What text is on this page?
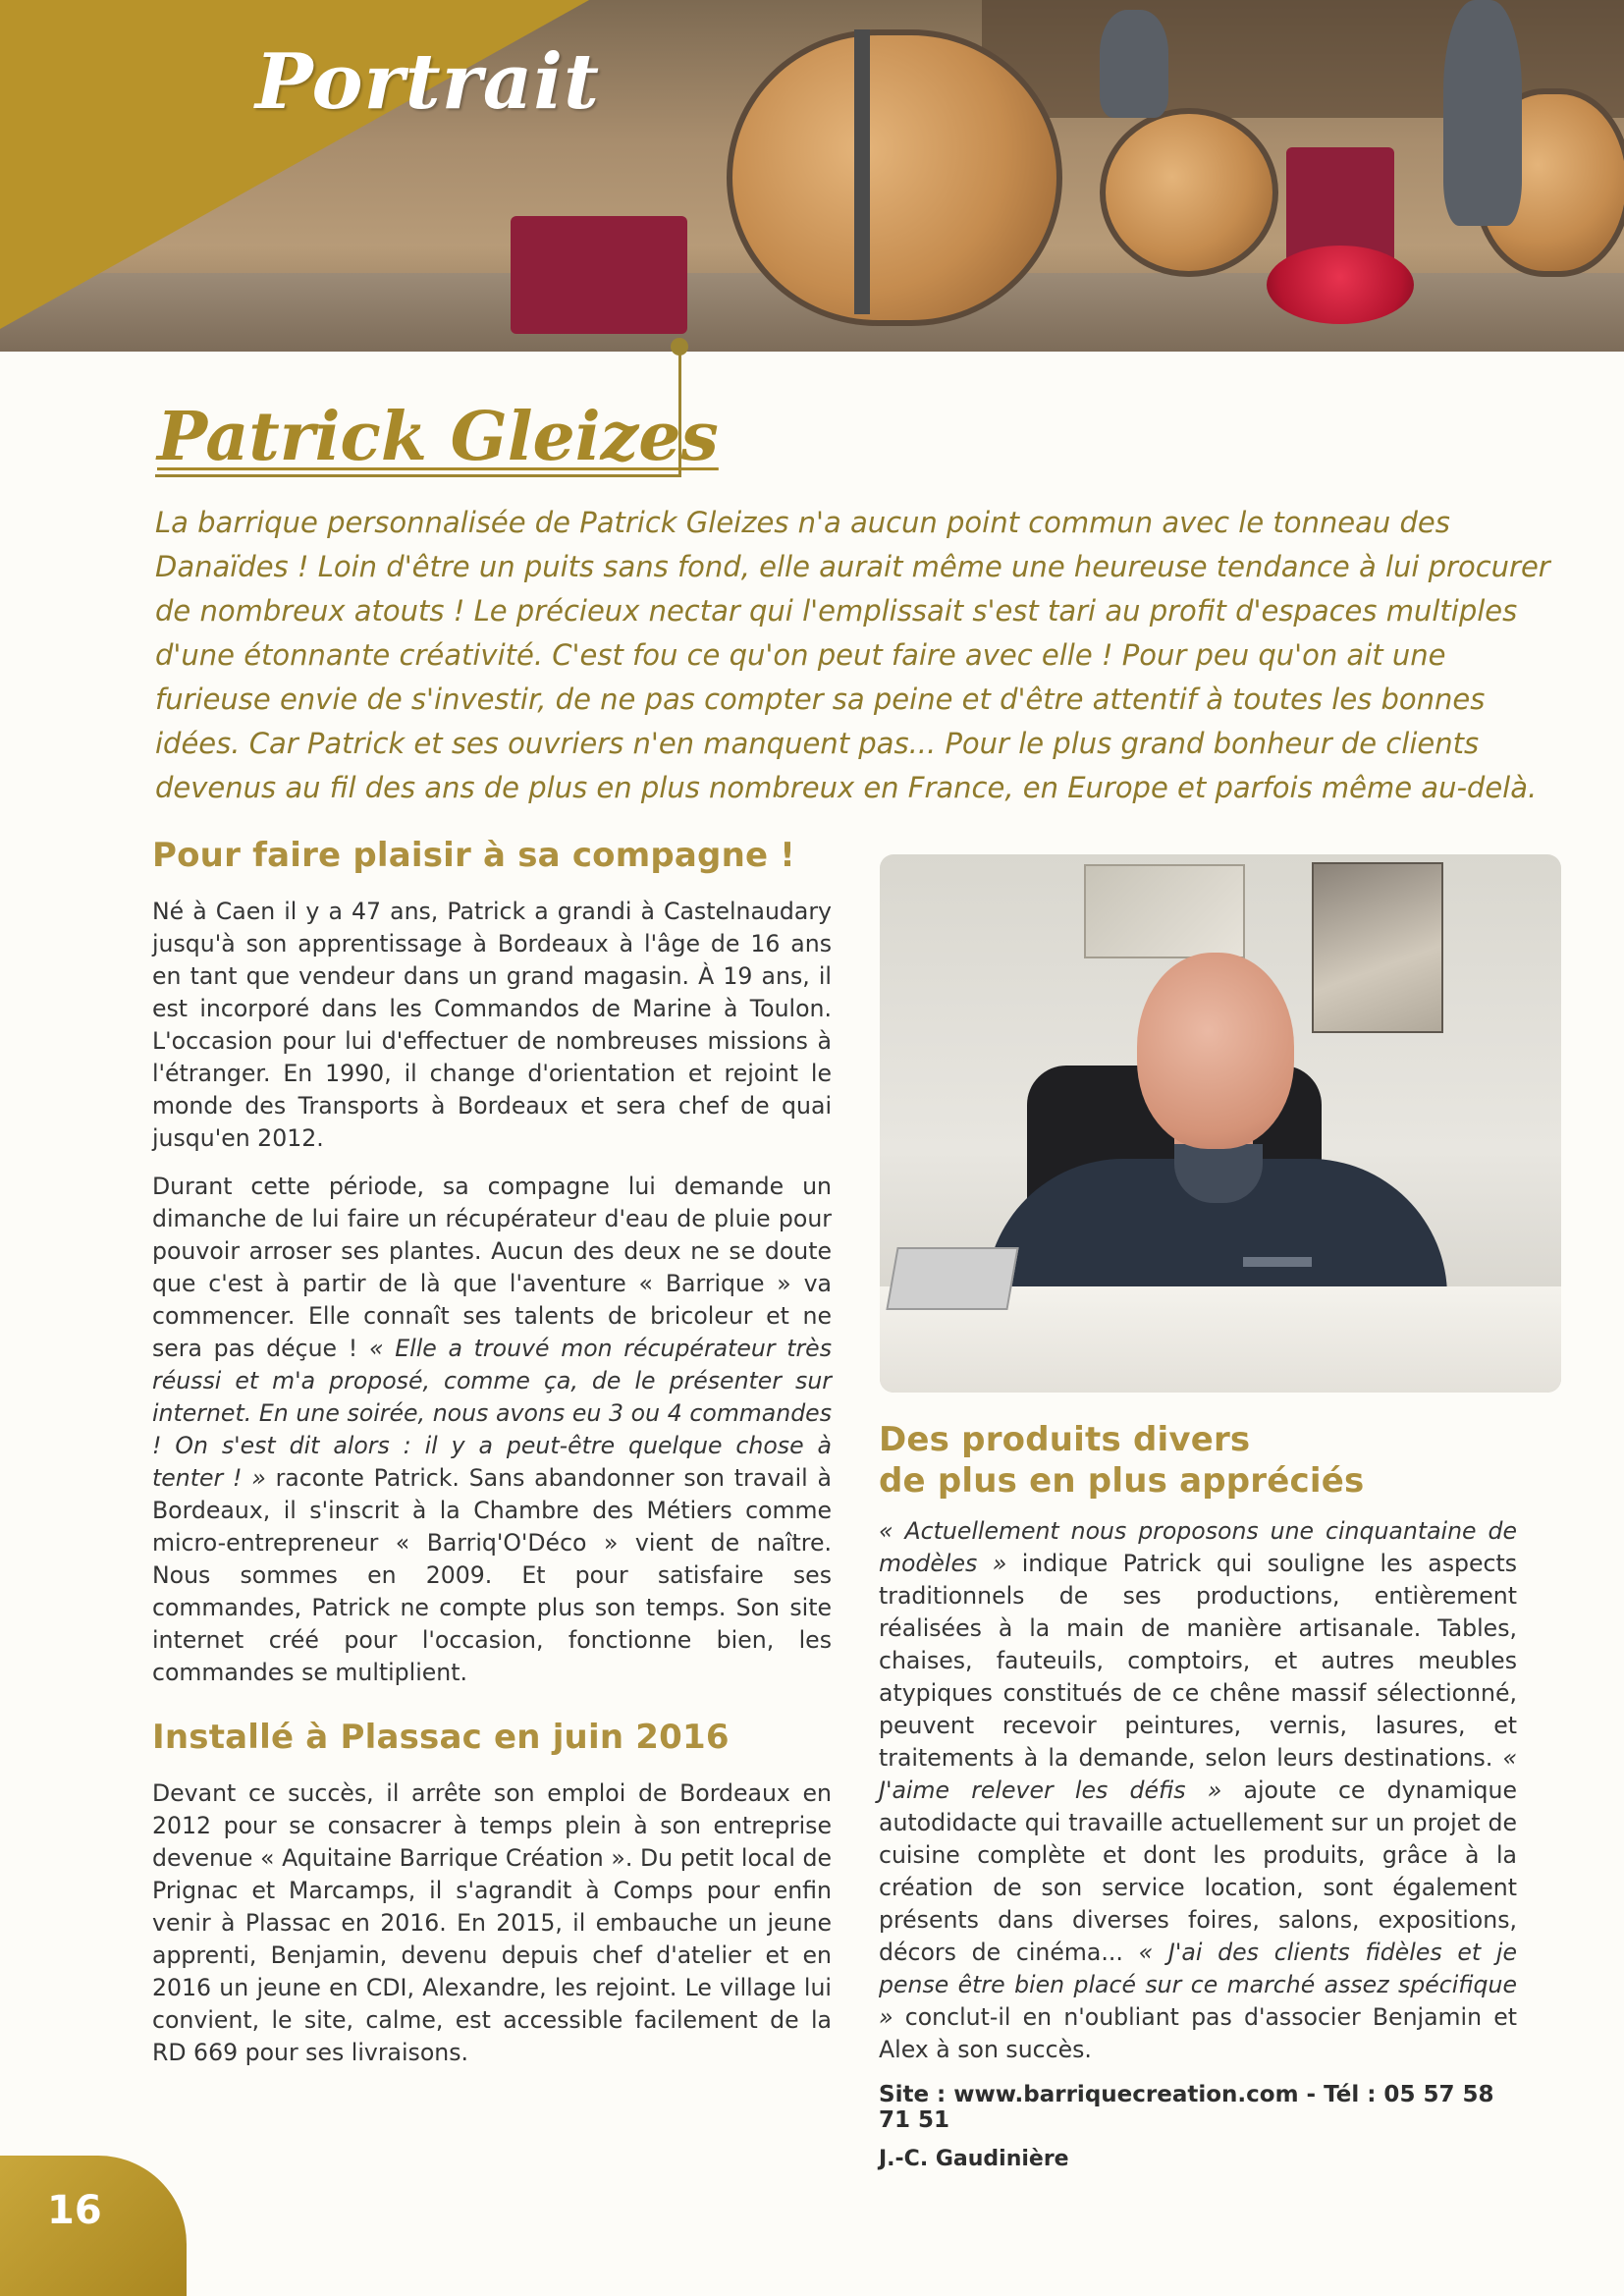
Portrait
Patrick Gleizes
La barrique personnalisée de Patrick Gleizes n'a aucun point commun avec le tonneau des Danaïdes ! Loin d'être un puits sans fond, elle aurait même une heureuse tendance à lui procurer de nombreux atouts ! Le précieux nectar qui l'emplissait s'est tari au profit d'espaces multiples d'une étonnante créativité. C'est fou ce qu'on peut faire avec elle ! Pour peu qu'on ait une furieuse envie de s'investir, de ne pas compter sa peine et d'être attentif à toutes les bonnes idées. Car Patrick et ses ouvriers n'en manquent pas... Pour le plus grand bonheur de clients devenus au fil des ans de plus en plus nombreux en France, en Europe et parfois même au-delà.
Pour faire plaisir à sa compagne !

Né à Caen il y a 47 ans, Patrick a grandi à Castelnaudary jusqu'à son apprentissage à Bordeaux à l'âge de 16 ans en tant que vendeur dans un grand magasin. À 19 ans, il est incorporé dans les Commandos de Marine à Toulon. L'occasion pour lui d'effectuer de nombreuses missions à l'étranger. En 1990, il change d'orientation et rejoint le monde des Transports à Bordeaux et sera chef de quai jusqu'en 2012.

Durant cette période, sa compagne lui demande un dimanche de lui faire un récupérateur d'eau de pluie pour pouvoir arroser ses plantes. Aucun des deux ne se doute que c'est à partir de là que l'aventure « Barrique » va commencer. Elle connaît ses talents de bricoleur et ne sera pas déçue ! « Elle a trouvé mon récupérateur très réussi et m'a proposé, comme ça, de le présenter sur internet. En une soirée, nous avons eu 3 ou 4 commandes ! On s'est dit alors : il y a peut-être quelque chose à tenter ! » raconte Patrick. Sans abandonner son travail à Bordeaux, il s'inscrit à la Chambre des Métiers comme micro-entrepreneur « Barriq'O'Déco » vient de naître. Nous sommes en 2009. Et pour satisfaire ses commandes, Patrick ne compte plus son temps. Son site internet créé pour l'occasion, fonctionne bien, les commandes se multiplient.

Installé à Plassac en juin 2016

Devant ce succès, il arrête son emploi de Bordeaux en 2012 pour se consacrer à temps plein à son entreprise devenue « Aquitaine Barrique Création ». Du petit local de Prignac et Marcamps, il s'agrandit à Comps pour enfin venir à Plassac en 2016. En 2015, il embauche un jeune apprenti, Benjamin, devenu depuis chef d'atelier et en 2016 un jeune en CDI, Alexandre, les rejoint. Le village lui convient, le site, calme, est accessible facilement de la RD 669 pour ses livraisons.

Des produits divers
de plus en plus appréciés

« Actuellement nous proposons une cinquantaine de modèles » indique Patrick qui souligne les aspects traditionnels de ses productions, entièrement réalisées à la main de manière artisanale. Tables, chaises, fauteuils, comptoirs, et autres meubles atypiques constitués de ce chêne massif sélectionné, peuvent recevoir peintures, vernis, lasures, et traitements à la demande, selon leurs destinations. « J'aime relever les défis » ajoute ce dynamique autodidacte qui travaille actuellement sur un projet de cuisine complète et dont les produits, grâce à la création de son service location, sont également présents dans diverses foires, salons, expositions, décors de cinéma... « J'ai des clients fidèles et je pense être bien placé sur ce marché assez spécifique » conclut-il en n'oubliant pas d'associer Benjamin et Alex à son succès.

Site : www.barriquecreation.com - Tél : 05 57 58 71 51
J.-C. Gaudinière
16
